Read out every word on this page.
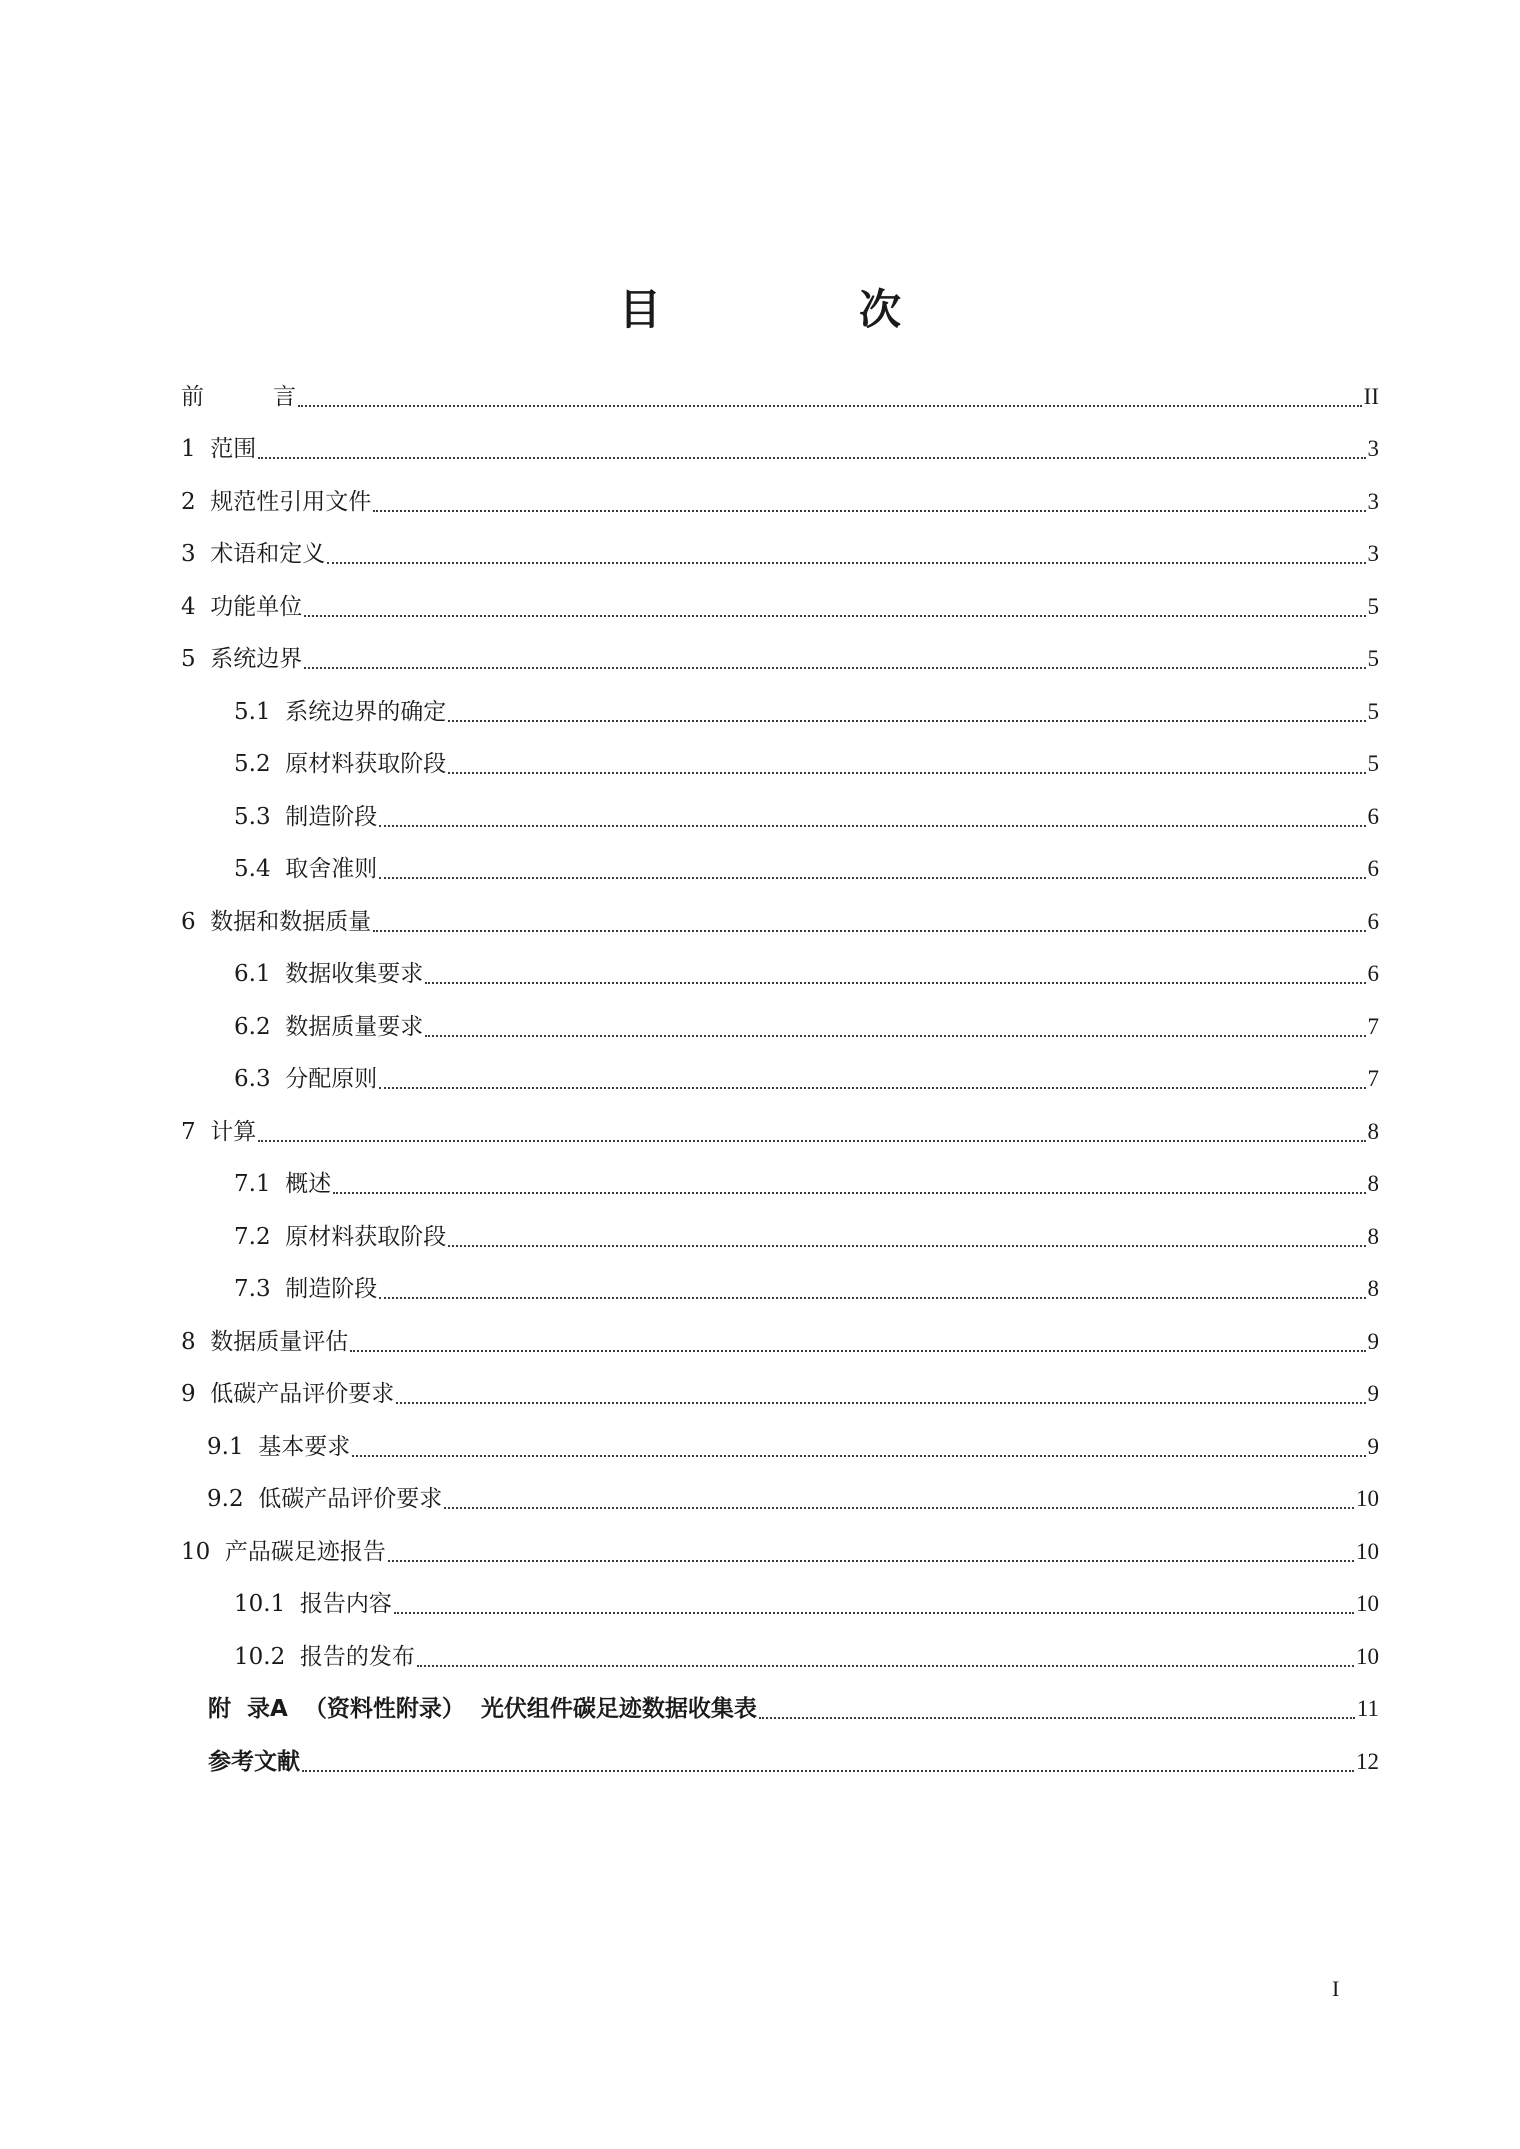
目　次
前　　　言	II
1  范围	3
2  规范性引用文件	3
3  术语和定义	3
4  功能单位	5
5  系统边界	5
5.1  系统边界的确定	5
5.2  原材料获取阶段	5
5.3  制造阶段	6
5.4  取舍准则	6
6  数据和数据质量	6
6.1  数据收集要求	6
6.2  数据质量要求	7
6.3  分配原则	7
7  计算	8
7.1  概述	8
7.2  原材料获取阶段	8
7.3  制造阶段	8
8  数据质量评估	9
9  低碳产品评价要求	9
9.1  基本要求	9
9.2  低碳产品评价要求	10
10  产品碳足迹报告	10
10.1  报告内容	10
10.2  报告的发布	10
附  录A  （资料性附录）  光伏组件碳足迹数据收集表	11
参考文献	12
I
